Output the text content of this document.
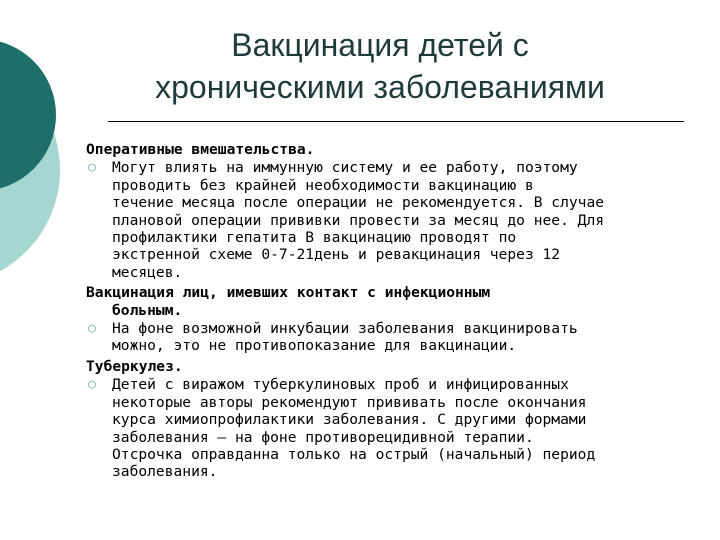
Вакцинация детей с
хроническими заболеваниями

Оперативные вмешательства.

○ Могут влиять на иммунную систему и ее работу, поэтому
проводить без крайней необходимости вакцинацию в
течение месяца после операции не рекомендуется. В случае
плановой операции прививки провести за месяц до нее. Для
профилактики гепатита В вакцинацию проводят по
экстренной схеме 0-7-21день и ревакцинация через 12
месяцев.

Вакцинация лиц, имевших контакт с инфекционным
больным.

○ На фоне возможной инкубации заболевания вакцинировать
можно, это не противопоказание для вакцинации.

Туберкулез.

○ Детей с виражом туберкулиновых проб и инфицированных
некоторые авторы рекомендуют прививать после окончания
курса химиопрофилактики заболевания. С другими формами
заболевания – на фоне противорецидивной терапии.
Отсрочка оправданна только на острый (начальный) период
заболевания.
